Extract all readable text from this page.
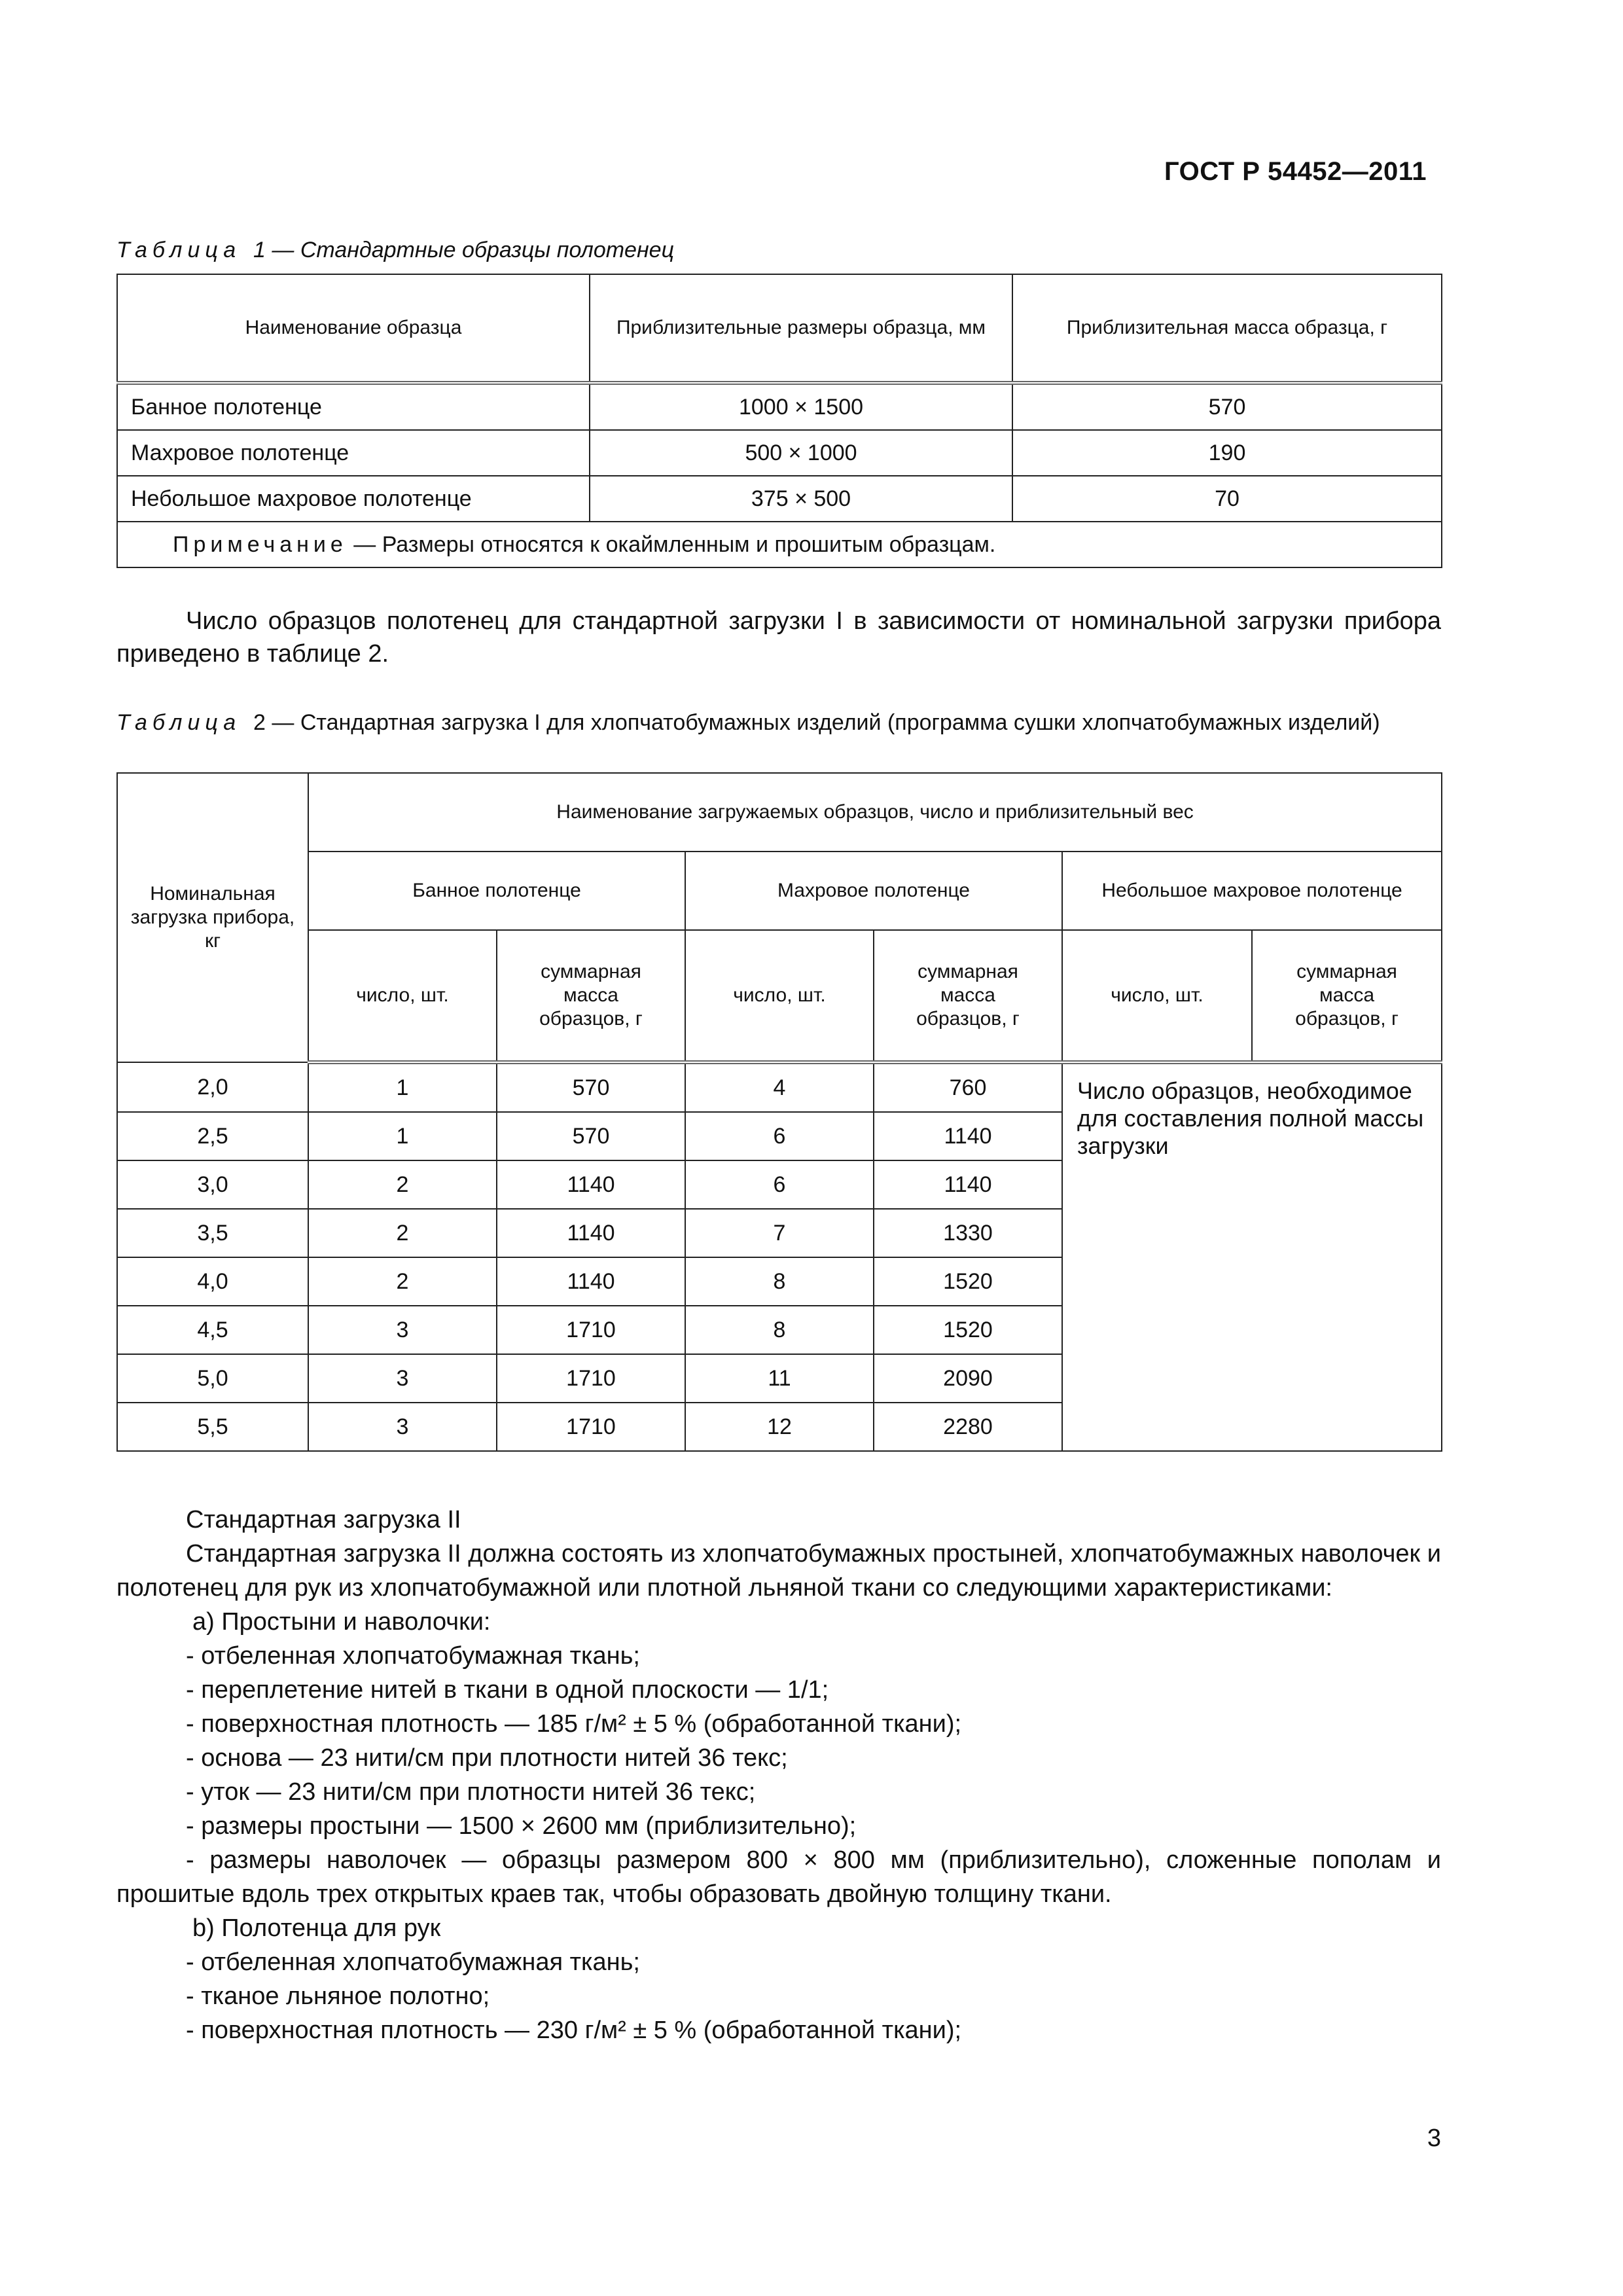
ГОСТ Р 54452—2011
Таблица 1 — Стандартные образцы полотенец
Наименование образца	Приблизительные размеры образца, мм	Приблизительная масса образца, г
Банное полотенце	1000 × 1500	570
Махровое полотенце	500 × 1000	190
Небольшое махровое полотенце	375 × 500	70
Примечание — Размеры относятся к окаймленным и прошитым образцам.		
Число образцов полотенец для стандартной загрузки I в зависимости от номинальной загрузки прибора приведено в таблице 2.
Таблица 2 — Стандартная загрузка I для хлопчатобумажных изделий (программа сушки хлопчатобумажных изделий)
Номинальная загрузка прибора, кг	Наименование загружаемых образцов, число и приблизительный вес					
	Банное полотенце		Махровое полотенце		Небольшое махровое полотенце	
	число, шт.	суммарная масса образцов, г	число, шт.	суммарная масса образцов, г	число, шт.	суммарная масса образцов, г
2,0	1	570	4	760	Число образцов, необходимое для составления полной массы загрузки	
2,5	1	570	6	1140		
3,0	2	1140	6	1140		
3,5	2	1140	7	1330		
4,0	2	1140	8	1520		
4,5	3	1710	8	1520		
5,0	3	1710	11	2090		
5,5	3	1710	12	2280		
Стандартная загрузка II
Стандартная загрузка II должна состоять из хлопчатобумажных простыней, хлопчатобумажных наволочек и полотенец для рук из хлопчатобумажной или плотной льняной ткани со следующими характеристиками:
a) Простыни и наволочки:
- отбеленная хлопчатобумажная ткань;
- переплетение нитей в ткани в одной плоскости — 1/1;
- поверхностная плотность — 185 г/м² ± 5 % (обработанной ткани);
- основа — 23 нити/см при плотности нитей 36 текс;
- уток — 23 нити/см при плотности нитей 36 текс;
- размеры простыни — 1500 × 2600 мм (приблизительно);
- размеры наволочек — образцы размером 800 × 800 мм (приблизительно), сложенные пополам и прошитые вдоль трех открытых краев так, чтобы образовать двойную толщину ткани.
b) Полотенца для рук
- отбеленная хлопчатобумажная ткань;
- тканое льняное полотно;
- поверхностная плотность — 230 г/м² ± 5 % (обработанной ткани);
3
